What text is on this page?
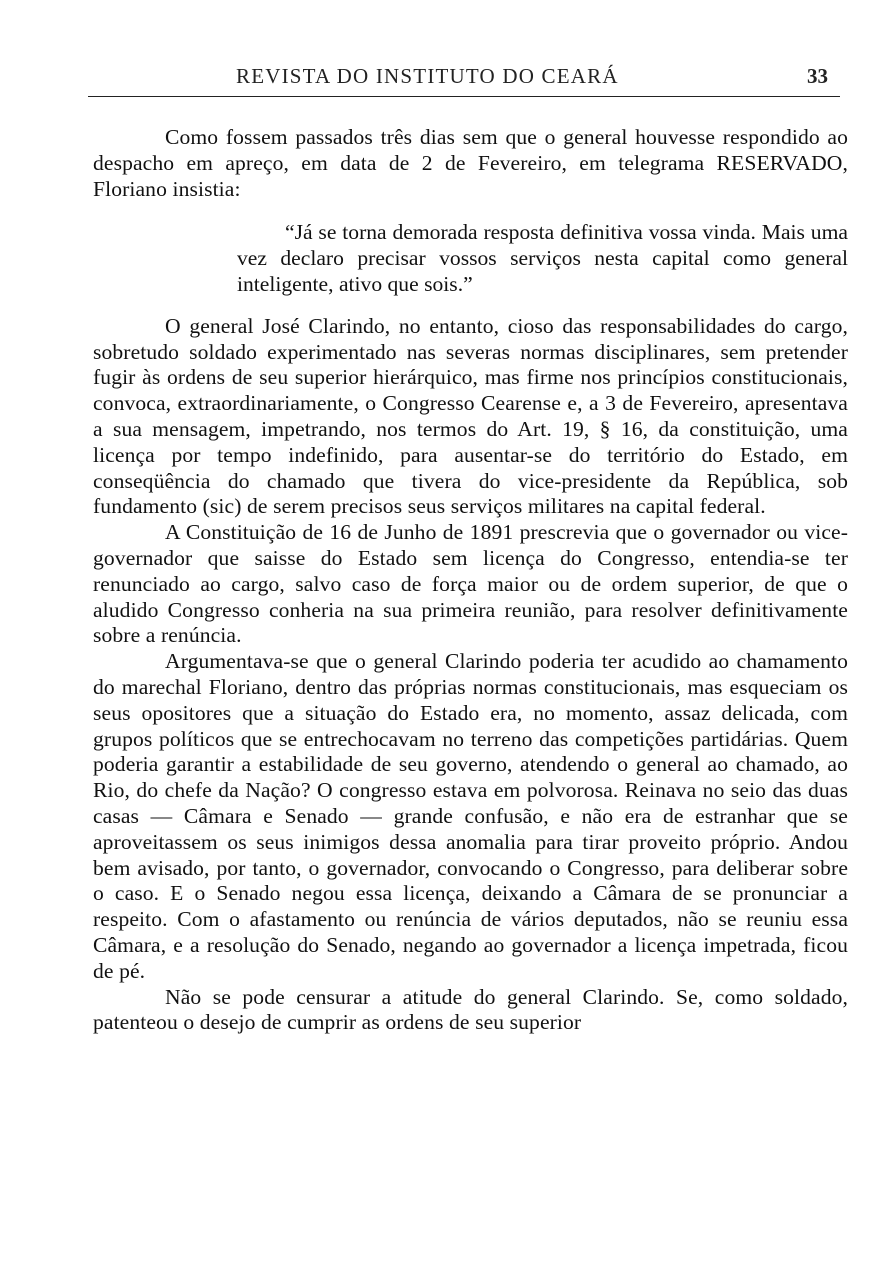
REVISTA DO INSTITUTO DO CEARÁ	33

Como fossem passados três dias sem que o general houvesse respondido ao despacho em apreço, em data de 2 de Fevereiro, em telegrama RESERVADO, Floriano insistia:

“Já se torna demorada resposta definitiva vossa vinda. Mais uma vez declaro precisar vossos serviços nesta capital como general inteligente, ativo que sois.”

O general José Clarindo, no entanto, cioso das responsabilidades do cargo, sobretudo soldado experimentado nas severas normas disciplinares, sem pretender fugir às ordens de seu superior hierárquico, mas firme nos princípios constitucionais, convoca, extraordinariamente, o Congresso Cearense e, a 3 de Fevereiro, apresentava a sua mensagem, impetrando, nos termos do Art. 19, § 16, da constituição, uma licença por tempo indefinido, para ausentar-se do território do Estado, em conseqüência do chamado que tivera do vice-presidente da República, sob fundamento (sic) de serem precisos seus serviços militares na capital federal.

A Constituição de 16 de Junho de 1891 prescrevia que o governador ou vice-governador que saisse do Estado sem licença do Congresso, entendia-se ter renunciado ao cargo, salvo caso de força maior ou de ordem superior, de que o aludido Congresso conheria na sua primeira reunião, para resolver definitivamente sobre a renúncia.

Argumentava-se que o general Clarindo poderia ter acudido ao chamamento do marechal Floriano, dentro das próprias normas constitucionais, mas esqueciam os seus opositores que a situação do Estado era, no momento, assaz delicada, com grupos políticos que se entrechocavam no terreno das competições partidárias. Quem poderia garantir a estabilidade de seu governo, atendendo o general ao chamado, ao Rio, do chefe da Nação? O congresso estava em polvorosa. Reinava no seio das duas casas — Câmara e Senado — grande confusão, e não era de estranhar que se aproveitassem os seus inimigos dessa anomalia para tirar proveito próprio. Andou bem avisado, por tanto, o governador, convocando o Congresso, para deliberar sobre o caso. E o Senado negou essa licença, deixando a Câmara de se pronunciar a respeito. Com o afastamento ou renúncia de vários deputados, não se reuniu essa Câmara, e a resolução do Senado, negando ao governador a licença impetrada, ficou de pé.

Não se pode censurar a atitude do general Clarindo. Se, como soldado, patenteou o desejo de cumprir as ordens de seu superior
